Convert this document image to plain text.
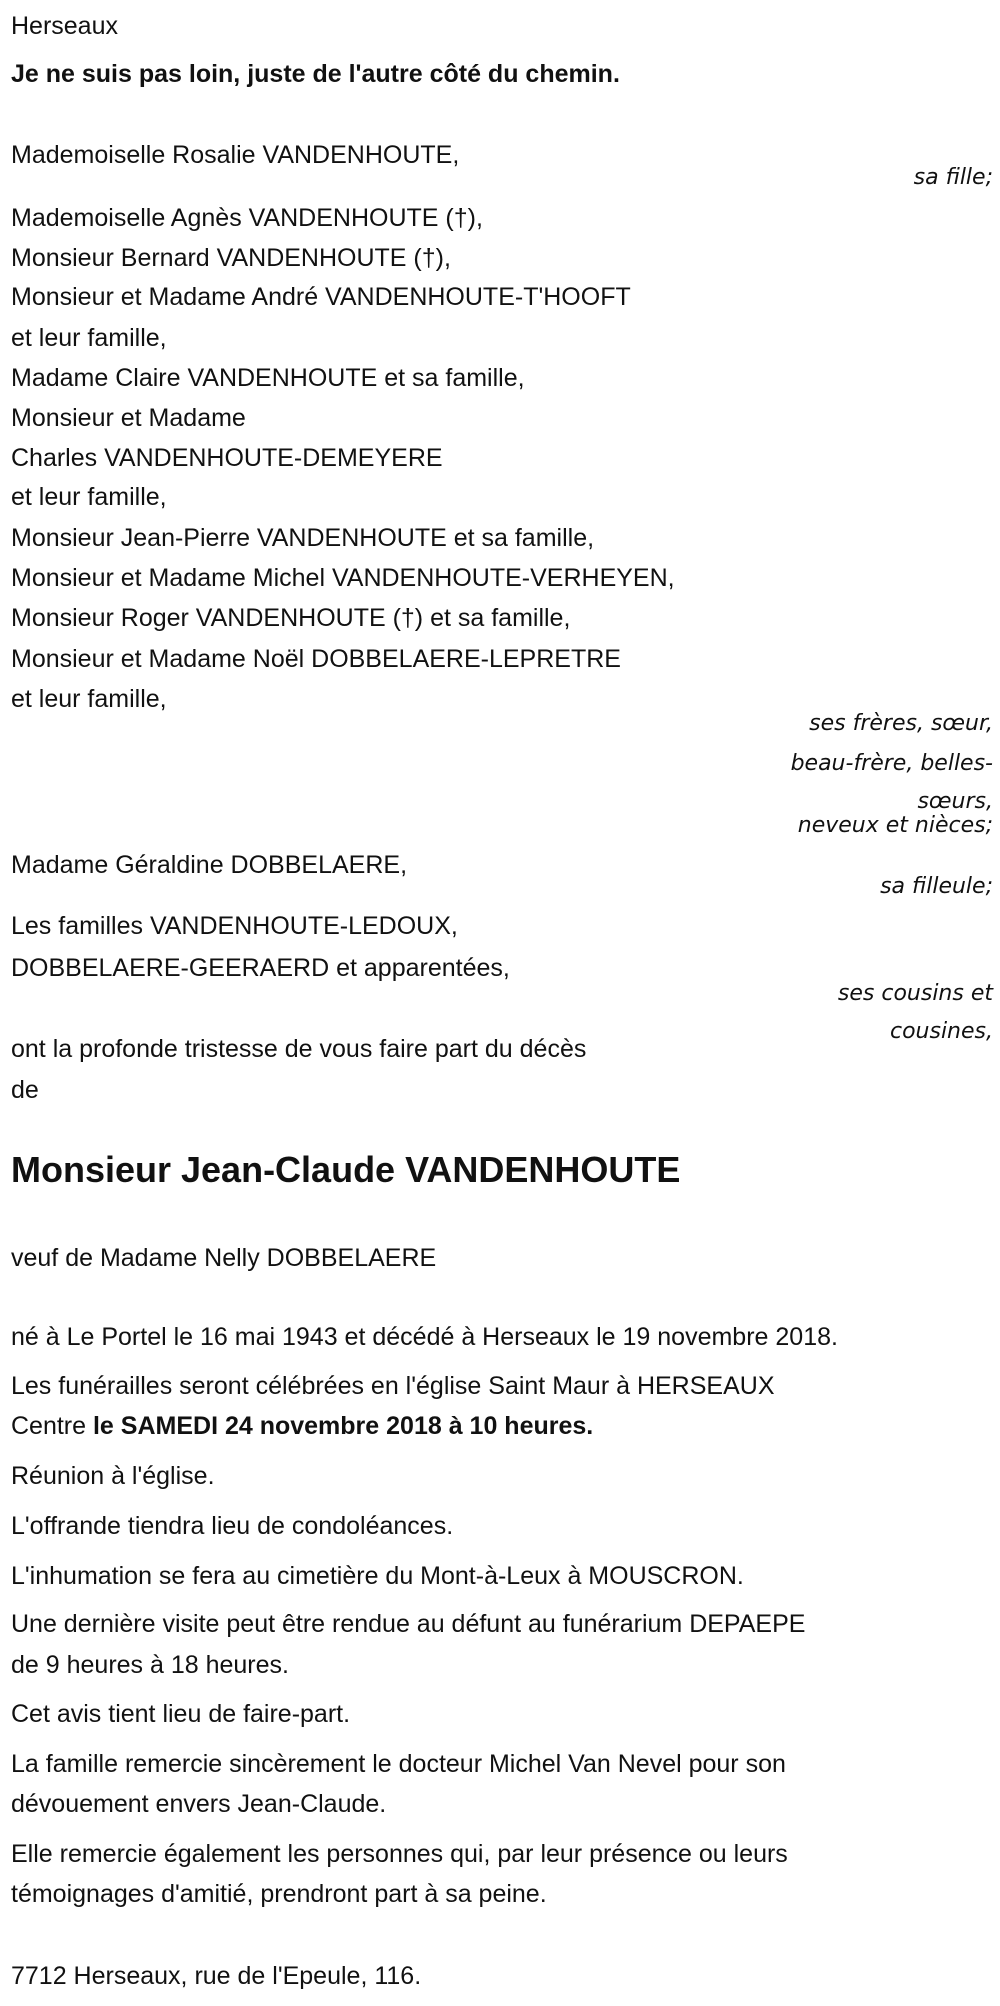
Herseaux
Je ne suis pas loin, juste de l'autre côté du chemin.
Mademoiselle Rosalie VANDENHOUTE,
sa fille;
Mademoiselle Agnès VANDENHOUTE (†),
Monsieur Bernard VANDENHOUTE (†),
Monsieur et Madame André VANDENHOUTE-T'HOOFT
et leur famille,
Madame Claire VANDENHOUTE et sa famille,
Monsieur et Madame
Charles VANDENHOUTE-DEMEYERE
et leur famille,
Monsieur Jean-Pierre VANDENHOUTE et sa famille,
Monsieur et Madame Michel VANDENHOUTE-VERHEYEN,
Monsieur Roger VANDENHOUTE (†) et sa famille,
Monsieur et Madame Noël DOBBELAERE-LEPRETRE
et leur famille,
ses frères, sœur,
beau-frère, belles-
sœurs,
neveux et nièces;
Madame Géraldine DOBBELAERE,
sa filleule;
Les familles VANDENHOUTE-LEDOUX,
DOBBELAERE-GEERAERD et apparentées,
ses cousins et
cousines,
ont la profonde tristesse de vous faire part du décès
de
Monsieur Jean-Claude VANDENHOUTE
veuf de Madame Nelly DOBBELAERE
né à Le Portel le 16 mai 1943 et décédé à Herseaux le 19 novembre 2018.
Les funérailles seront célébrées en l'église Saint Maur à HERSEAUX
Centre le SAMEDI 24 novembre 2018 à 10 heures.
Réunion à l'église.
L'offrande tiendra lieu de condoléances.
L'inhumation se fera au cimetière du Mont-à-Leux à MOUSCRON.
Une dernière visite peut être rendue au défunt au funérarium DEPAEPE
de 9 heures à 18 heures.
Cet avis tient lieu de faire-part.
La famille remercie sincèrement le docteur Michel Van Nevel pour son
dévouement envers Jean-Claude.
Elle remercie également les personnes qui, par leur présence ou leurs
témoignages d'amitié, prendront part à sa peine.
7712 Herseaux, rue de l'Epeule, 116.
